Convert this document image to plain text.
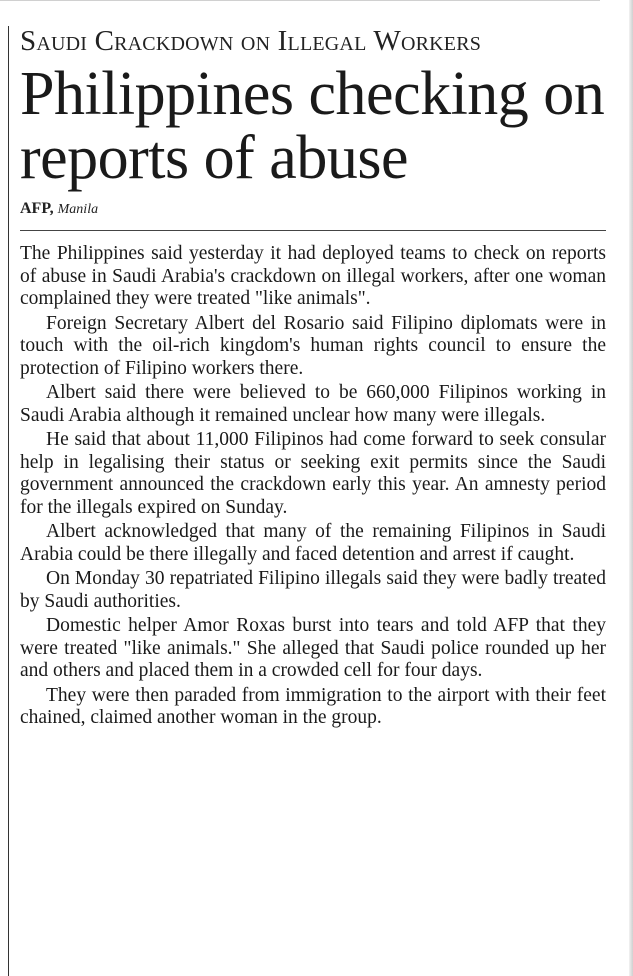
Saudi Crackdown on Illegal Workers
Philippines checking on reports of abuse
AFP, Manila

The Philippines said yesterday it had deployed teams to check on reports of abuse in Saudi Arabia's crackdown on illegal workers, after one woman complained they were treated "like animals".

Foreign Secretary Albert del Rosario said Filipino diplomats were in touch with the oil-rich kingdom's human rights council to ensure the protection of Filipino workers there.

Albert said there were believed to be 660,000 Filipinos working in Saudi Arabia although it remained unclear how many were illegals.

He said that about 11,000 Filipinos had come forward to seek consular help in legalising their status or seeking exit permits since the Saudi government announced the crackdown early this year. An amnesty period for the illegals expired on Sunday.

Albert acknowledged that many of the remaining Filipinos in Saudi Arabia could be there illegally and faced detention and arrest if caught.

On Monday 30 repatriated Filipino illegals said they were badly treated by Saudi authorities.

Domestic helper Amor Roxas burst into tears and told AFP that they were treated "like animals." She alleged that Saudi police rounded up her and others and placed them in a crowded cell for four days.

They were then paraded from immigration to the airport with their feet chained, claimed another woman in the group.
